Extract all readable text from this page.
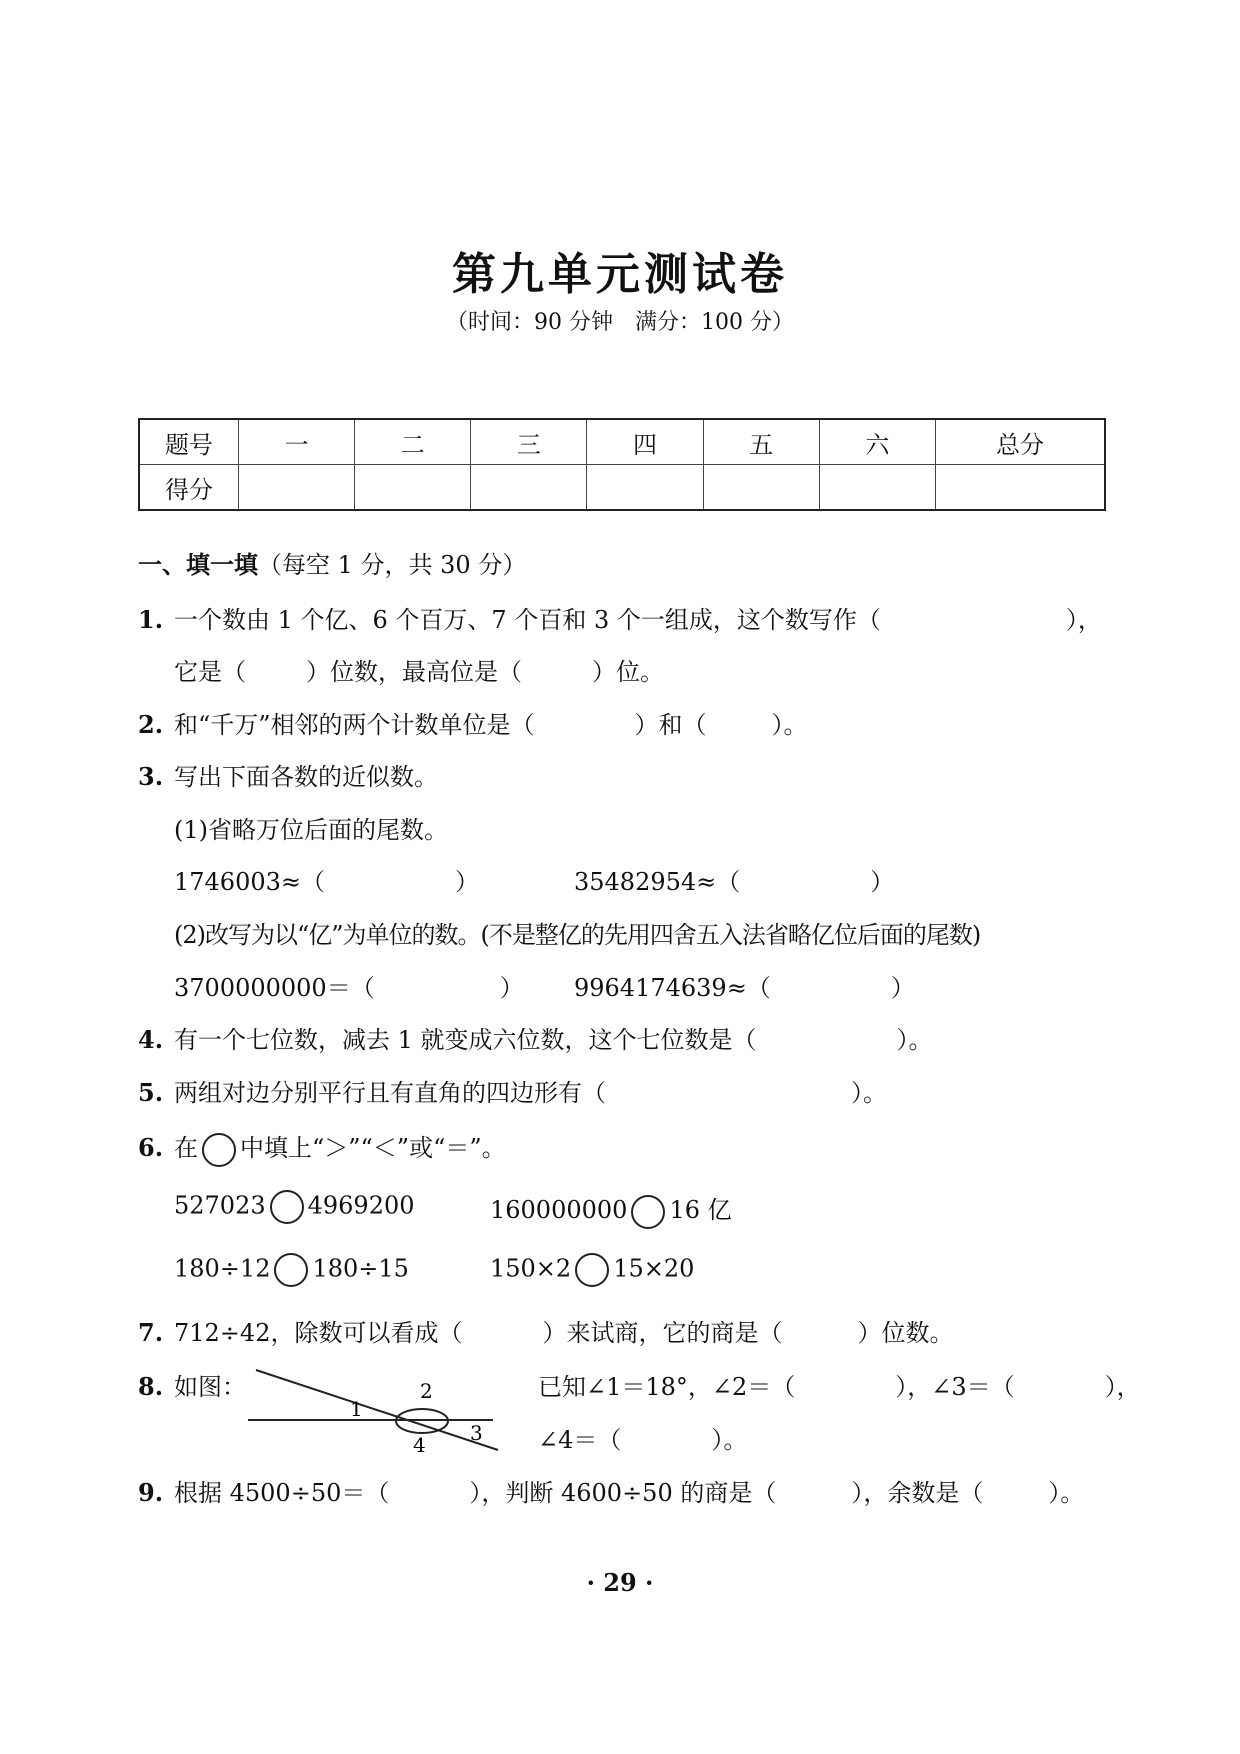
第九单元测试卷
（时间：90 分钟　满分：100 分）
题号	一	二	三	四	五	六	总分
得分							
一、填一填（每空 1 分，共 30 分）
1. 一个数由 1 个亿、6 个百万、7 个百和 3 个一组成，这个数写作（	），
它是（	）位数，最高位是（	）位。
2. 和“千万”相邻的两个计数单位是（	）和（	）。
3. 写出下面各数的近似数。
(1)省略万位后面的尾数。
1746003≈（	）	35482954≈（	）
(2)改写为以“亿”为单位的数。(不是整亿的先用四舍五入法省略亿位后面的尾数)
3700000000＝（	） 9964174639≈（	）
4. 有一个七位数，减去 1 就变成六位数，这个七位数是（	）。
5. 两组对边分别平行且有直角的四边形有（	）。
6. 在 中填上“＞”“＜”或“＝”。
527023 4969200	160000000 16 亿
180÷12 180÷15	150×2 15×20
7. 712÷42，除数可以看成（	）来试商，它的商是（	）位数。
8. 如图：
1
2
3
4
已知∠1＝18°，∠2＝（	），∠3＝（	），
∠4＝（	）。
9. 根据 4500÷50＝（	），判断 4600÷50 的商是（	），余数是（	）。
· 29 ·
